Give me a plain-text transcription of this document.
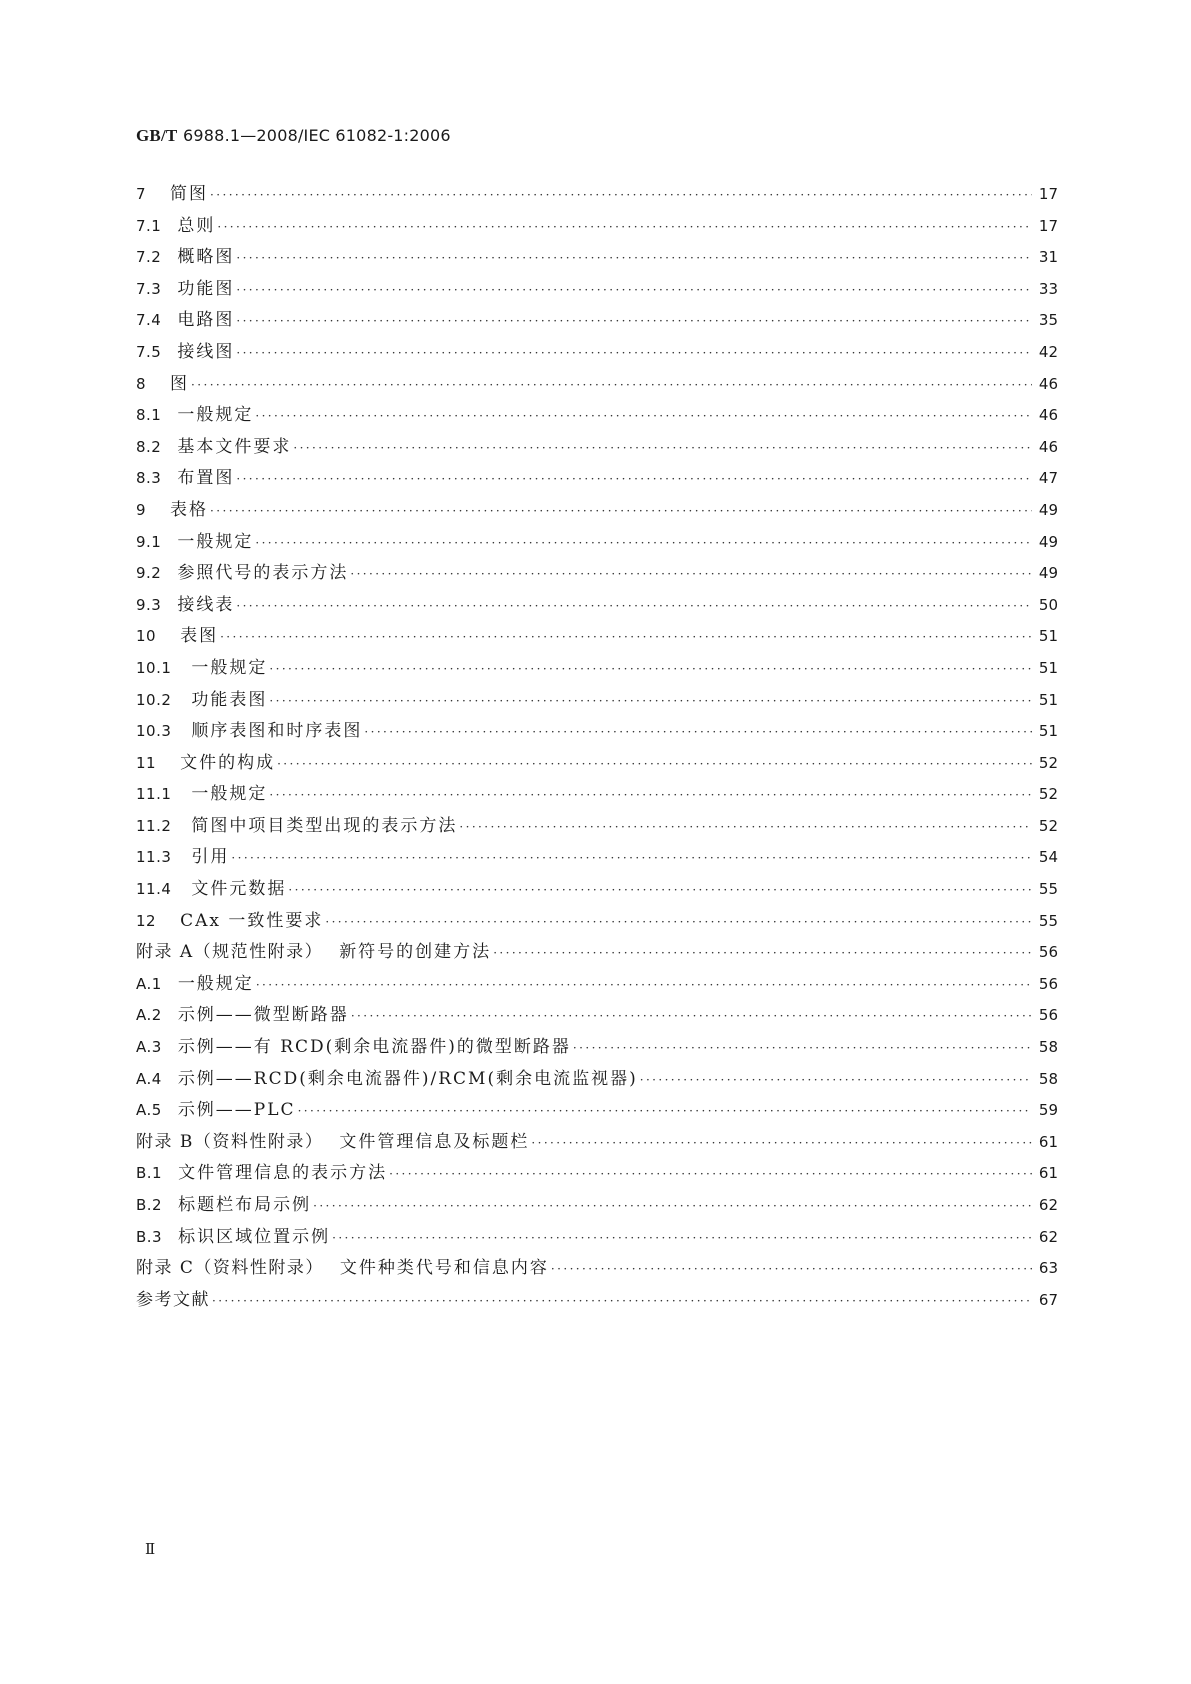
GB/T 6988.1—2008/IEC 61082-1:2006
7 简图 ·····	17
7.1 总则 ·····	17
7.2 概略图 ·····	31
7.3 功能图 ·····	33
7.4 电路图 ·····	35
7.5 接线图 ·····	42
8 图 ·····	46
8.1 一般规定 ·····	46
8.2 基本文件要求 ·····	46
8.3 布置图 ·····	47
9 表格 ·····	49
9.1 一般规定 ·····	49
9.2 参照代号的表示方法 ·····	49
9.3 接线表 ·····	50
10 表图 ·····	51
10.1 一般规定 ·····	51
10.2 功能表图 ·····	51
10.3 顺序表图和时序表图 ·····	51
11 文件的构成 ·····	52
11.1 一般规定 ·····	52
11.2 简图中项目类型出现的表示方法 ·····	52
11.3 引用 ·····	54
11.4 文件元数据 ·····	55
12 CAx 一致性要求 ·····	55
附录 A（规范性附录） 新符号的创建方法 ·····	56
A.1 一般规定 ·····	56
A.2 示例——微型断路器 ·····	56
A.3 示例——有 RCD(剩余电流器件)的微型断路器 ·····	58
A.4 示例——RCD(剩余电流器件)/RCM(剩余电流监视器) ·····	58
A.5 示例——PLC ·····	59
附录 B（资料性附录） 文件管理信息及标题栏 ·····	61
B.1 文件管理信息的表示方法 ·····	61
B.2 标题栏布局示例 ·····	62
B.3 标识区域位置示例 ·····	62
附录 C（资料性附录） 文件种类代号和信息内容 ·····	63
参考文献 ·····	67
Ⅱ
